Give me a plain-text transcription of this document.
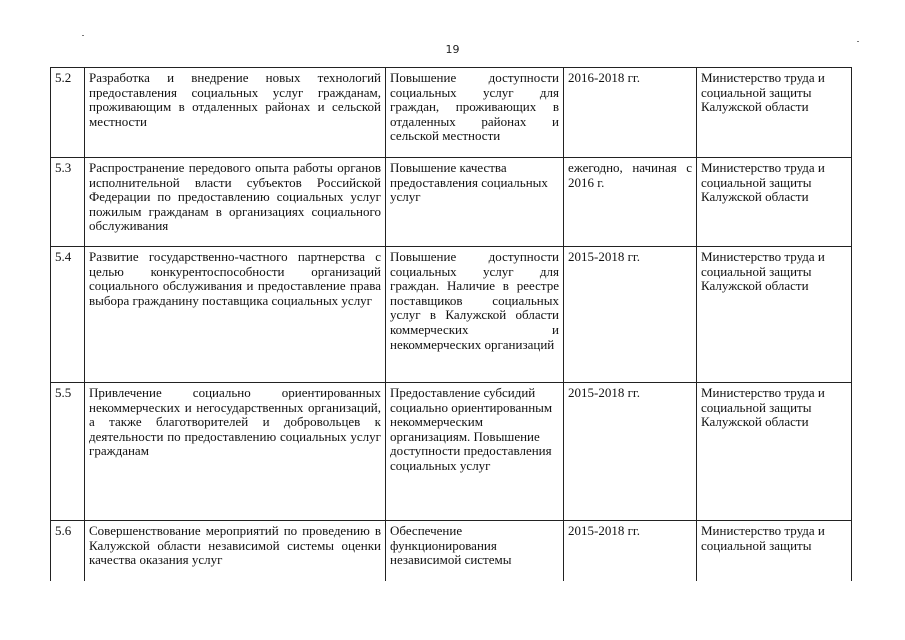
19
5.2	Разработка и внедрение новых технологий предоставления социальных услуг гражданам, проживающим в отдаленных районах и сельской местности	Повышение доступности социальных услуг для граждан, проживающих в отдаленных районах и сельской местности	2016-2018 гг.	Министерство труда и социальной защиты Калужской области
5.3	Распространение передового опыта работы органов исполнительной власти субъектов Российской Федерации по предоставлению социальных услуг пожилым гражданам в организациях социального обслуживания	Повышение качества предоставления социальных услуг	ежегодно, начиная с 2016 г.	Министерство труда и социальной защиты Калужской области
5.4	Развитие государственно-частного партнерства с целью конкурентоспособности организаций социального обслуживания и предоставление права выбора гражданину поставщика социальных услуг	Повышение доступности социальных услуг для граждан. Наличие в реестре поставщиков социальных услуг в Калужской области коммерческих и некоммерческих организаций	2015-2018 гг.	Министерство труда и социальной защиты Калужской области
5.5	Привлечение социально ориентированных некоммерческих и негосударственных организаций, а также благотворителей и добровольцев к деятельности по предоставлению социальных услуг гражданам	Предоставление субсидий социально ориентированным некоммерческим организациям. Повышение доступности предоставления социальных услуг	2015-2018 гг.	Министерство труда и социальной защиты Калужской области
5.6	Совершенствование мероприятий по проведению в Калужской области независимой системы оценки качества оказания услуг	Обеспечение функционирования независимой системы	2015-2018 гг.	Министерство труда и социальной защиты
